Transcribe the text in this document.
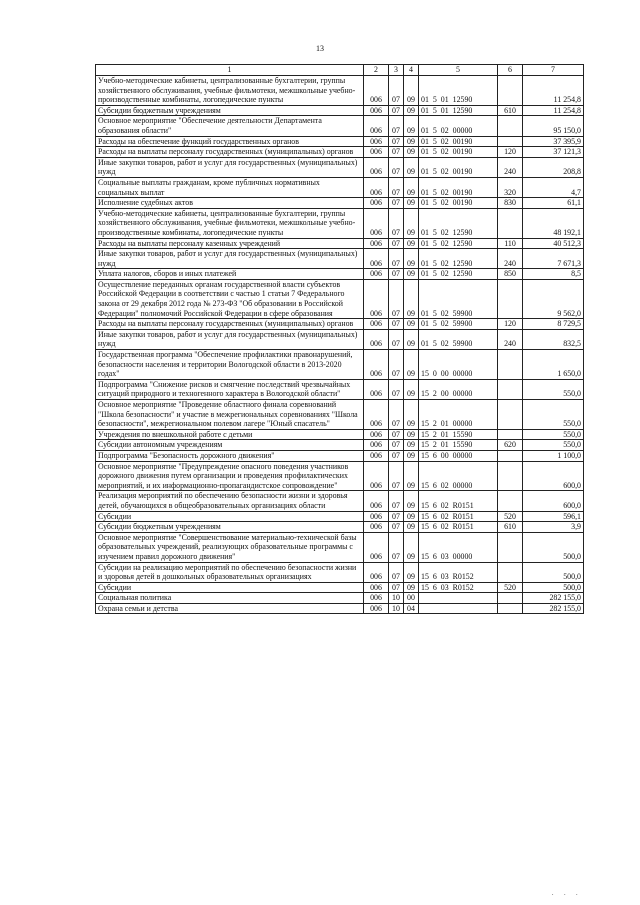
13
1	2	3	4	5	6	7
Учебно-методические кабинеты, централизованные бухгалтерии, группы хозяйственного обслуживания, учебные фильмотеки, межшкольные учебно-производственные комбинаты, логопедические пункты	006	07	09	01 5 01 12590		11 254,8
Субсидии бюджетным учреждениям	006	07	09	01 5 01 12590	610	11 254,8
Основное мероприятие "Обеспечение деятельности Департамента образования области"	006	07	09	01 5 02 00000		95 150,0
Расходы на обеспечение функций государственных органов	006	07	09	01 5 02 00190		37 395,9
Расходы на выплаты персоналу государственных (муниципальных) органов	006	07	09	01 5 02 00190	120	37 121,3
Иные закупки товаров, работ и услуг для государственных (муниципальных) нужд	006	07	09	01 5 02 00190	240	208,8
Социальные выплаты гражданам, кроме публичных нормативных социальных выплат	006	07	09	01 5 02 00190	320	4,7
Исполнение судебных актов	006	07	09	01 5 02 00190	830	61,1
Учебно-методические кабинеты, централизованные бухгалтерии, группы хозяйственного обслуживания, учебные фильмотеки, межшкольные учебно-производственные комбинаты, логопедические пункты	006	07	09	01 5 02 12590		48 192,1
Расходы на выплаты персоналу казенных учреждений	006	07	09	01 5 02 12590	110	40 512,3
Иные закупки товаров, работ и услуг для государственных (муниципальных) нужд	006	07	09	01 5 02 12590	240	7 671,3
Уплата налогов, сборов и иных платежей	006	07	09	01 5 02 12590	850	8,5
Осуществление переданных органам государственной власти субъектов Российской Федерации в соответствии с частью 1 статьи 7 Федерального закона от 29 декабря 2012 года № 273-ФЗ "Об образовании в Российской Федерации" полномочий Российской Федерации в сфере образования	006	07	09	01 5 02 59900		9 562,0
Расходы на выплаты персоналу государственных (муниципальных) органов	006	07	09	01 5 02 59900	120	8 729,5
Иные закупки товаров, работ и услуг для государственных (муниципальных) нужд	006	07	09	01 5 02 59900	240	832,5
Государственная программа "Обеспечение профилактики правонарушений, безопасности населения и территории Вологодской области в 2013-2020 годах"	006	07	09	15 0 00 00000		1 650,0
Подпрограмма "Снижение рисков и смягчение последствий чрезвычайных ситуаций природного и техногенного характера в Вологодской области"	006	07	09	15 2 00 00000		550,0
Основное мероприятие "Проведение областного финала соревнований "Школа безопасности" и участие в межрегиональных соревнованиях "Школа безопасности", межрегиональном полевом лагере "Юный спасатель"	006	07	09	15 2 01 00000		550,0
Учреждения по внешкольной работе с детьми	006	07	09	15 2 01 15590		550,0
Субсидии автономным учреждениям	006	07	09	15 2 01 15590	620	550,0
Подпрограмма "Безопасность дорожного движения"	006	07	09	15 6 00 00000		1 100,0
Основное мероприятие "Предупреждение опасного поведения участников дорожного движения путем организации и проведения профилактических мероприятий, и их информационно-пропагандистское сопровождение"	006	07	09	15 6 02 00000		600,0
Реализация мероприятий по обеспечению безопасности жизни и здоровья детей, обучающихся в общеобразовательных организациях области	006	07	09	15 6 02 R0151		600,0
Субсидии	006	07	09	15 6 02 R0151	520	596,1
Субсидии бюджетным учреждениям	006	07	09	15 6 02 R0151	610	3,9
Основное мероприятие "Совершенствование материально-технической базы образовательных учреждений, реализующих образовательные программы с изучением правил дорожного движения"	006	07	09	15 6 03 00000		500,0
Субсидии на реализацию мероприятий по обеспечению безопасности жизни и здоровья детей в дошкольных образовательных организациях	006	07	09	15 6 03 R0152		500,0
Субсидии	006	07	09	15 6 03 R0152	520	500,0
Социальная политика	006	10	00			282 155,0
Охрана семьи и детства	006	10	04			282 155,0
· · ·
